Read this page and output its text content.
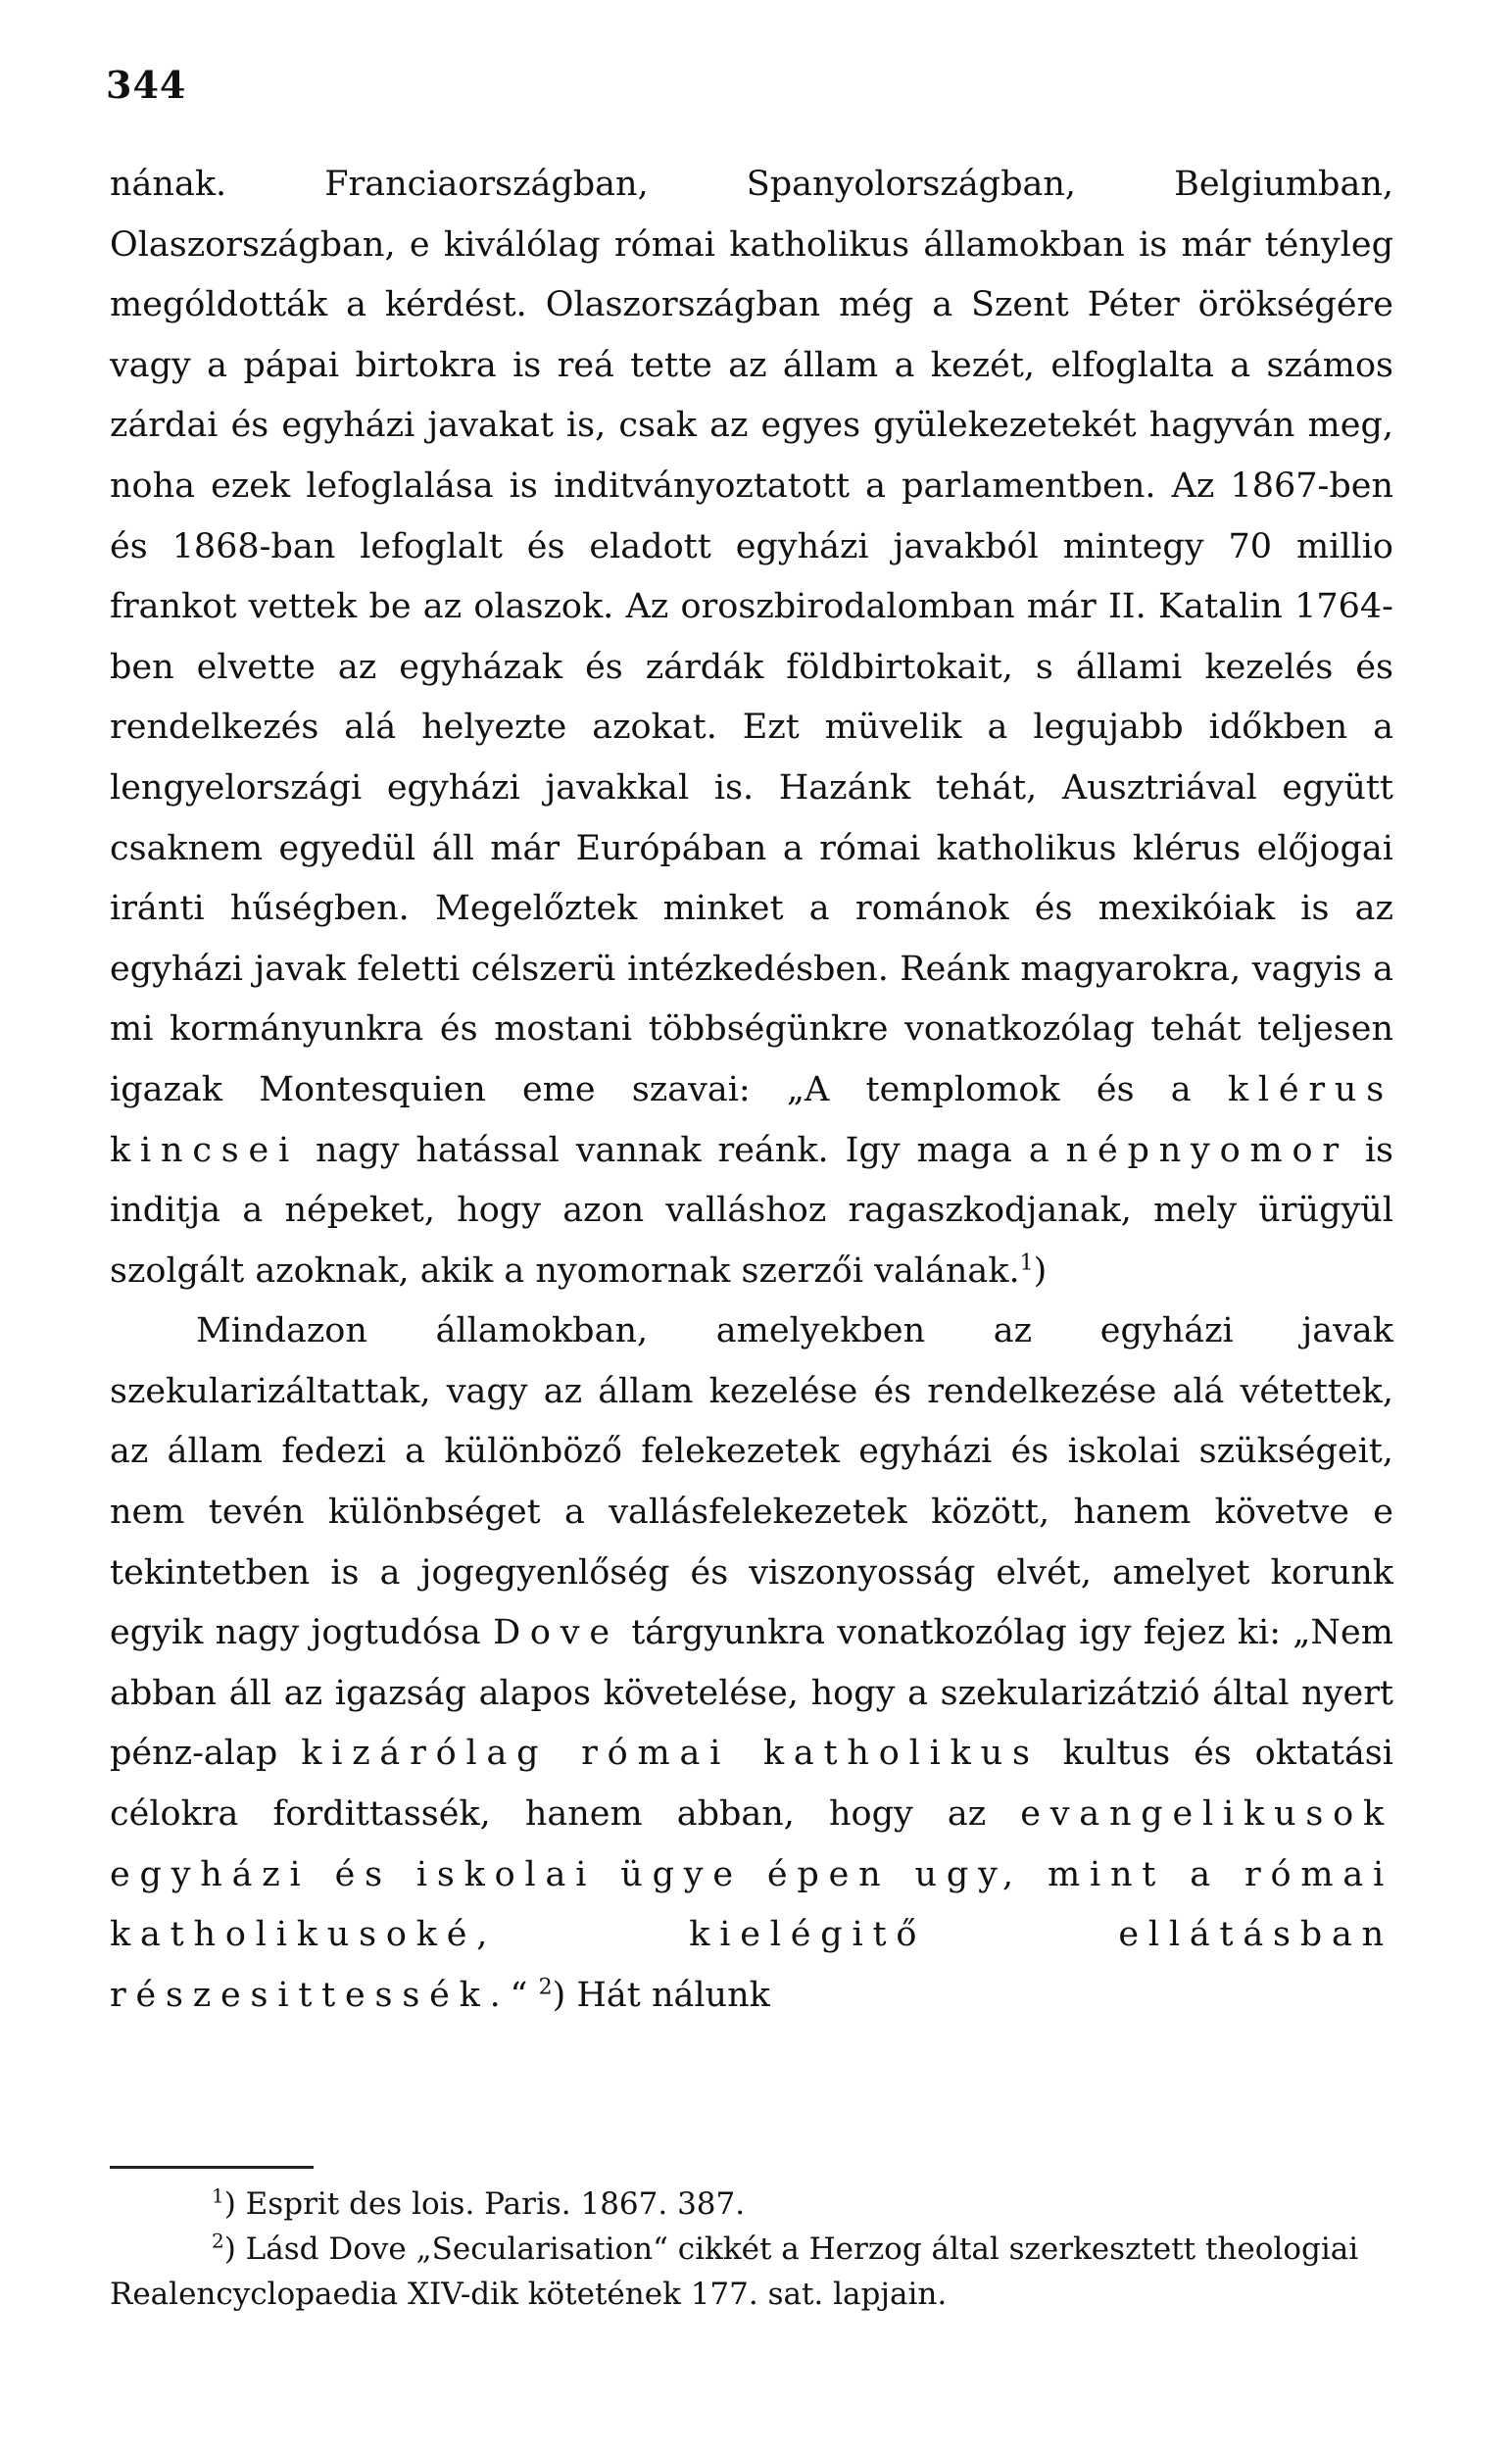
344

nának. Franciaországban, Spanyolországban, Belgiumban, Olaszországban, e kiválólag római katholikus államokban is már tényleg mególdották a kérdést. Olaszországban még a Szent Péter örökségére vagy a pápai birtokra is reá tette az állam a kezét, elfoglalta a számos zárdai és egyházi javakat is, csak az egyes gyülekezetekét hagyván meg, noha ezek lefoglalása is inditványoztatott a parlamentben. Az 1867-ben és 1868-ban lefoglalt és eladott egyházi javakból mintegy 70 millio frankot vettek be az olaszok. Az oroszbirodalomban már II. Katalin 1764-ben elvette az egyházak és zárdák földbirtokait, s állami kezelés és rendelkezés alá helyezte azokat. Ezt müvelik a legujabb időkben a lengyelországi egyházi javakkal is. Hazánk tehát, Ausztriával együtt csaknem egyedül áll már Európában a római katholikus klérus előjogai iránti hűségben. Megelőztek minket a románok és mexikóiak is az egyházi javak feletti célszerü intézkedésben. Reánk magyarokra, vagyis a mi kormányunkra és mostani többségünkre vonatkozólag tehát teljesen igazak Montesquien eme szavai: „A templomok és a klérus kincsei nagy hatással vannak reánk. Igy maga a népnyomor is inditja a népeket, hogy azon valláshoz ragaszkodjanak, mely ürügyül szolgált azoknak, akik a nyomornak szerzői valának.$^1$)

Mindazon államokban, amelyekben az egyházi javak szekularizáltattak, vagy az állam kezelése és rendelkezése alá vétettek, az állam fedezi a különböző felekezetek egyházi és iskolai szükségeit, nem tevén különbséget a vallásfelekezetek között, hanem követve e tekintetben is a jogegyenlőség és viszonyosság elvét, amelyet korunk egyik nagy jogtudósa Dove tárgyunkra vonatkozólag igy fejez ki: „Nem abban áll az igazság alapos követelése, hogy a szekularizátzió által nyert pénz-alap kizárólag római katholikus kultus és oktatási célokra fordittassék, hanem abban, hogy az evangelikusok egyházi és iskolai ügye épen ugy, mint a római katholikusoké, kielégitő ellátásban részesittessék.“ $^2$) Hát nálunk

$^1$) Esprit des lois. Paris. 1867. 387.

$^2$) Lásd Dove „Secularisation“ cikkét a Herzog által szerkesztett theologiai Realencyclopaedia XIV-dik kötetének 177. sat. lapjain.
